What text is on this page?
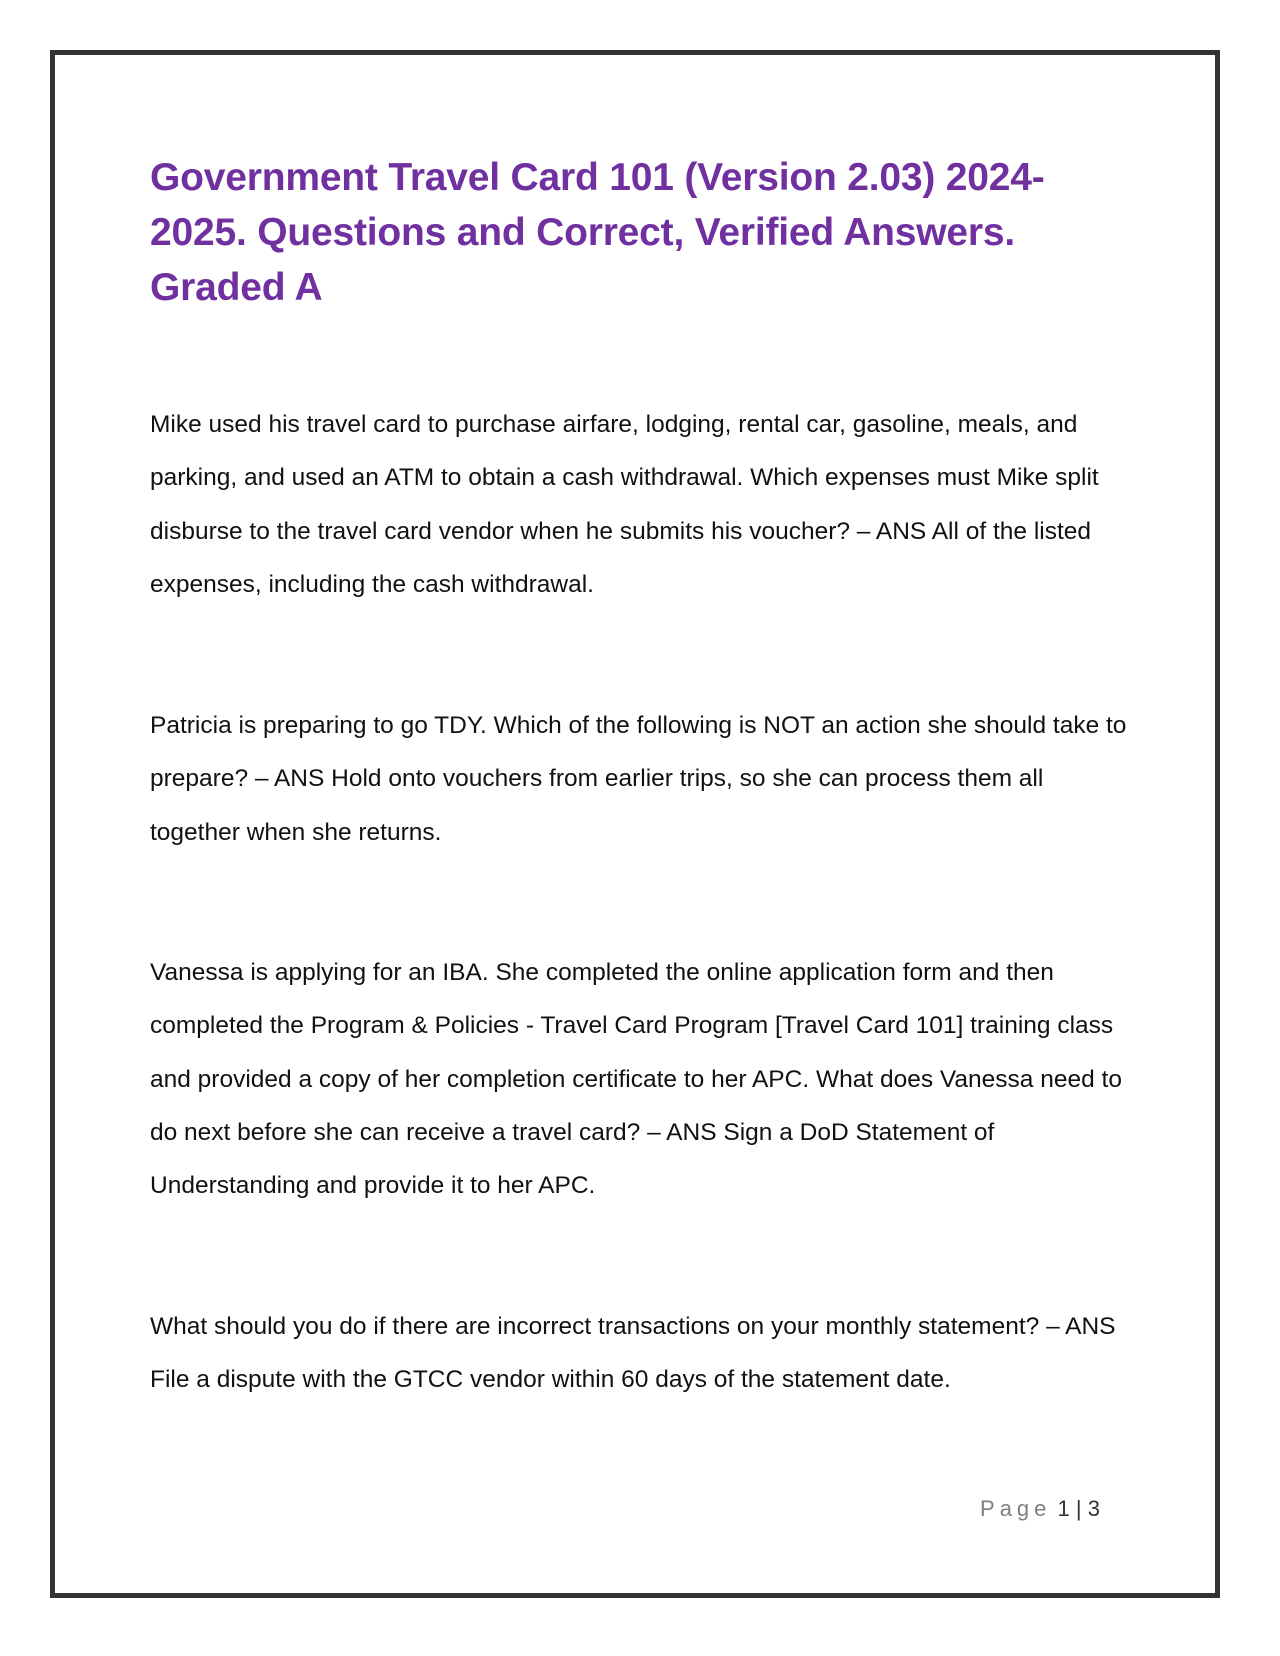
Government Travel Card 101 (Version 2.03) 2024-2025. Questions and Correct, Verified Answers. Graded A

Mike used his travel card to purchase airfare, lodging, rental car, gasoline, meals, and parking, and used an ATM to obtain a cash withdrawal. Which expenses must Mike split disburse to the travel card vendor when he submits his voucher? – ANS All of the listed expenses, including the cash withdrawal.

Patricia is preparing to go TDY. Which of the following is NOT an action she should take to prepare? – ANS Hold onto vouchers from earlier trips, so she can process them all together when she returns.

Vanessa is applying for an IBA. She completed the online application form and then completed the Program & Policies - Travel Card Program [Travel Card 101] training class and provided a copy of her completion certificate to her APC. What does Vanessa need to do next before she can receive a travel card? – ANS Sign a DoD Statement of Understanding and provide it to her APC.

What should you do if there are incorrect transactions on your monthly statement? – ANS File a dispute with the GTCC vendor within 60 days of the statement date.

Page 1 | 3
